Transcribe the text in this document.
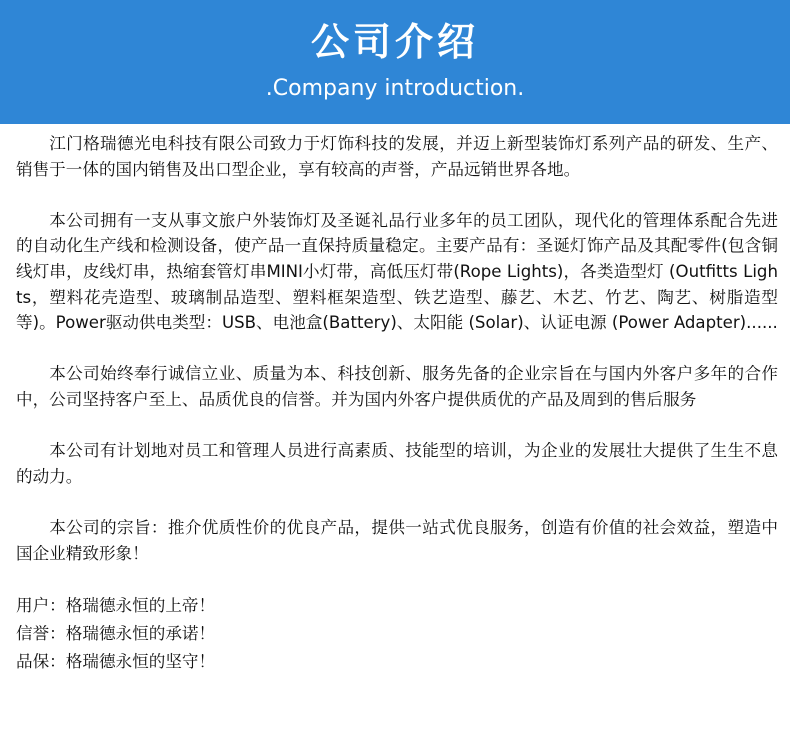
公司介绍
.Company introduction.

江门格瑞德光电科技有限公司致力于灯饰科技的发展，并迈上新型装饰灯系列产品的研发、生产、销售于一体的国内销售及出口型企业，享有较高的声誉，产品远销世界各地。

本公司拥有一支从事文旅户外装饰灯及圣诞礼品行业多年的员工团队，现代化的管理体系配合先进的自动化生产线和检测设备，使产品一直保持质量稳定。主要产品有：圣诞灯饰产品及其配零件(包含铜线灯串，皮线灯串，热缩套管灯串MINI小灯带，高低压灯带(Rope Lights)，各类造型灯 (Outfitts Lights，塑料花壳造型、玻璃制品造型、塑料框架造型、铁艺造型、藤艺、木艺、竹艺、陶艺、树脂造型等)。Power驱动供电类型：USB、电池盒(Battery)、太阳能 (Solar)、认证电源 (Power Adapter)......

本公司始终奉行诚信立业、质量为本、科技创新、服务先备的企业宗旨在与国内外客户多年的合作中，公司坚持客户至上、品质优良的信誉。并为国内外客户提供质优的产品及周到的售后服务

本公司有计划地对员工和管理人员进行高素质、技能型的培训，为企业的发展壮大提供了生生不息的动力。

本公司的宗旨：推介优质性价的优良产品，提供一站式优良服务，创造有价值的社会效益，塑造中国企业精致形象！

用户：格瑞德永恒的上帝！

信誉：格瑞德永恒的承诺！

品保：格瑞德永恒的坚守！
